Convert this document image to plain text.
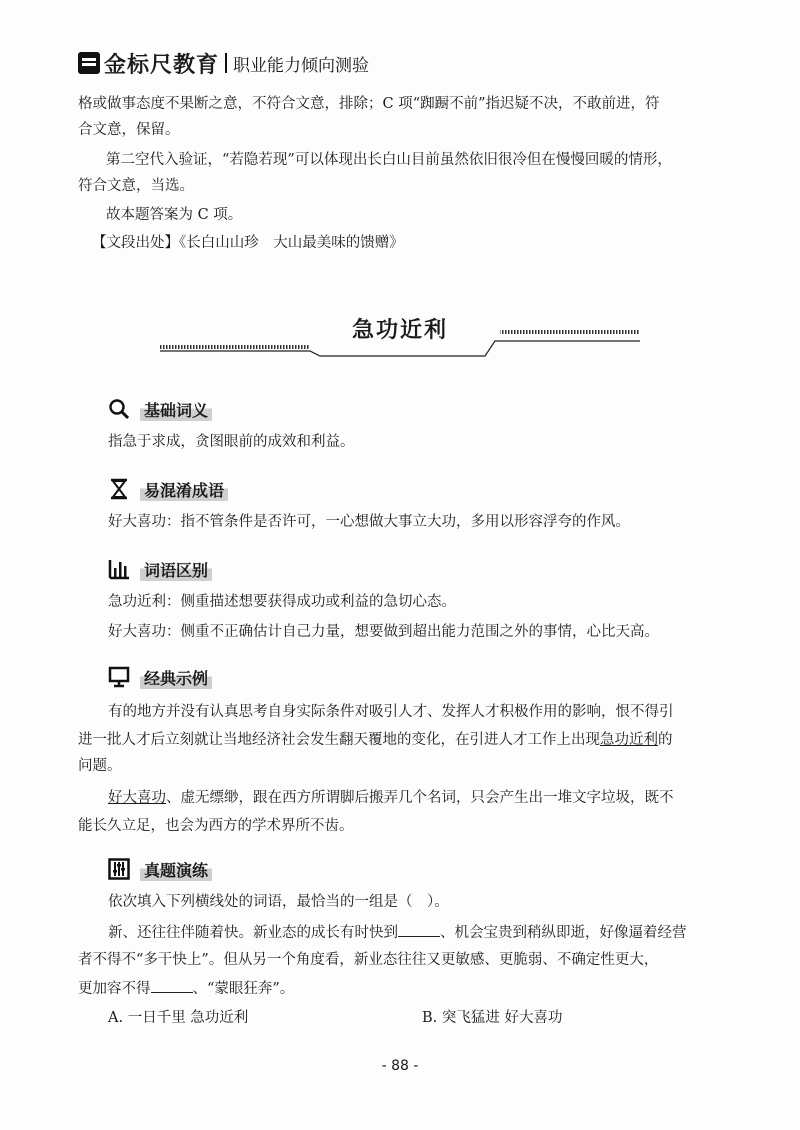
金标尺教育 职业能力倾向测验
格或做事态度不果断之意，不符合文意，排除；C 项“踟蹰不前”指迟疑不决，不敢前进，符
合文意，保留。
第二空代入验证，“若隐若现”可以体现出长白山目前虽然依旧很冷但在慢慢回暖的情形，
符合文意，当选。
故本题答案为 C 项。
【文段出处】《长白山山珍　大山最美味的馈赠》
急功近利
基础词义
指急于求成，贪图眼前的成效和利益。
易混淆成语
好大喜功：指不管条件是否许可，一心想做大事立大功，多用以形容浮夸的作风。
词语区别
急功近利：侧重描述想要获得成功或利益的急切心态。
好大喜功：侧重不正确估计自己力量，想要做到超出能力范围之外的事情，心比天高。
经典示例
有的地方并没有认真思考自身实际条件对吸引人才、发挥人才积极作用的影响，恨不得引
进一批人才后立刻就让当地经济社会发生翻天覆地的变化，在引进人才工作上出现急功近利的
问题。
好大喜功、虚无缥缈，跟在西方所谓脚后搬弄几个名词，只会产生出一堆文字垃圾，既不
能长久立足，也会为西方的学术界所不齿。
真题演练
依次填入下列横线处的词语，最恰当的一组是（　）。
新、还往往伴随着快。新业态的成长有时快到	、机会宝贵到稍纵即逝，好像逼着经营
者不得不“多干快上”。但从另一个角度看，新业态往往又更敏感、更脆弱、不确定性更大，
更加容不得	、“蒙眼狂奔”。
A. 一日千里 急功近利	B. 突飞猛进 好大喜功
- 88 -
